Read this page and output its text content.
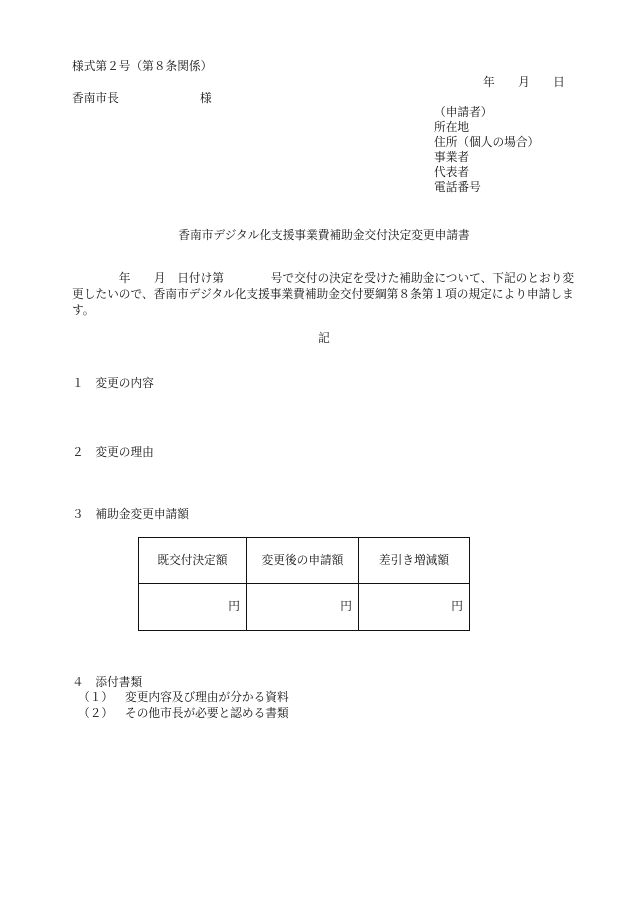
様式第２号（第８条関係）
年　　月　　日
香南市長	様
（申請者）
所在地
住所（個人の場合）
事業者
代表者
電話番号
香南市デジタル化支援事業費補助金交付決定変更申請書
　　　　年　　月　日付け第　　　　号で交付の決定を受けた補助金について、下記のとおり変
更したいので、香南市デジタル化支援事業費補助金交付要綱第８条第１項の規定により申請しま
す。
記
１　変更の内容
２　変更の理由
３　補助金変更申請額
既交付決定額	変更後の申請額	差引き増減額
円	円	円
４　添付書類
（１） 変更内容及び理由が分かる資料
（２） その他市長が必要と認める書類
